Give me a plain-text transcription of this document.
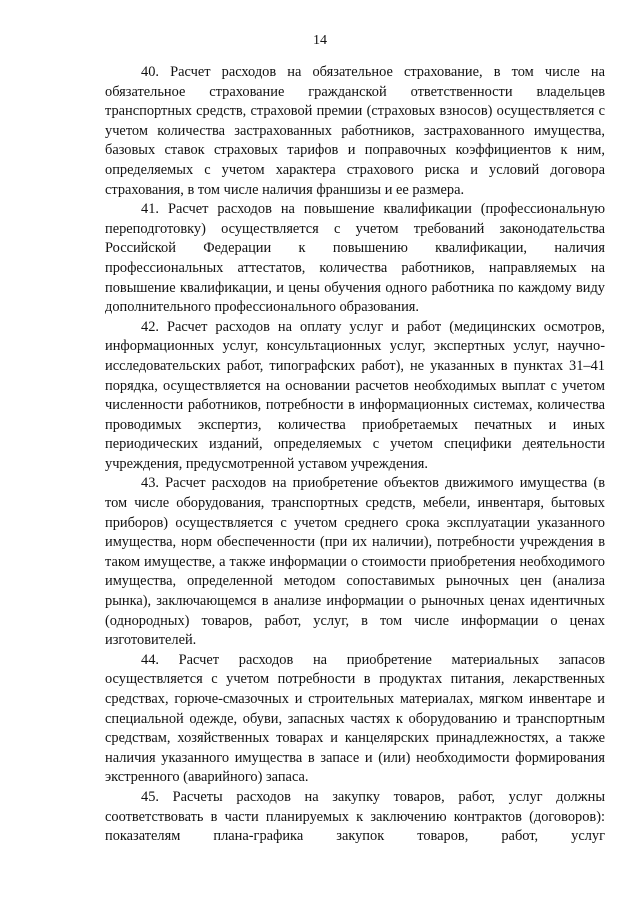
14

40. Расчет расходов на обязательное страхование, в том числе на обязательное страхование гражданской ответственности владельцев транспортных средств, страховой премии (страховых взносов) осуществляется с учетом количества застрахованных работников, застрахованного имущества, базовых ставок страховых тарифов и поправочных коэффициентов к ним, определяемых с учетом характера страхового риска и условий договора страхования, в том числе наличия франшизы и ее размера.

41. Расчет расходов на повышение квалификации (профессиональную переподготовку) осуществляется с учетом требований законодательства Российской Федерации к повышению квалификации, наличия профессиональных аттестатов, количества работников, направляемых на повышение квалификации, и цены обучения одного работника по каждому виду дополнительного профессионального образования.

42. Расчет расходов на оплату услуг и работ (медицинских осмотров, информационных услуг, консультационных услуг, экспертных услуг, научно-исследовательских работ, типографских работ), не указанных в пунктах 31–41 порядка, осуществляется на основании расчетов необходимых выплат с учетом численности работников, потребности в информационных системах, количества проводимых экспертиз, количества приобретаемых печатных и иных периодических изданий, определяемых с учетом специфики деятельности учреждения, предусмотренной уставом учреждения.

43. Расчет расходов на приобретение объектов движимого имущества (в том числе оборудования, транспортных средств, мебели, инвентаря, бытовых приборов) осуществляется с учетом среднего срока эксплуатации указанного имущества, норм обеспеченности (при их наличии), потребности учреждения в таком имуществе, а также информации о стоимости приобретения необходимого имущества, определенной методом сопоставимых рыночных цен (анализа рынка), заключающемся в анализе информации о рыночных ценах идентичных (однородных) товаров, работ, услуг, в том числе информации о ценах изготовителей.

44. Расчет расходов на приобретение материальных запасов осуществляется с учетом потребности в продуктах питания, лекарственных средствах, горюче-смазочных и строительных материалах, мягком инвентаре и специальной одежде, обуви, запасных частях к оборудованию и транспортным средствам, хозяйственных товарах и канцелярских принадлежностях, а также наличия указанного имущества в запасе и (или) необходимости формирования экстренного (аварийного) запаса.

45. Расчеты расходов на закупку товаров, работ, услуг должны соответствовать в части планируемых к заключению контрактов (договоров): показателям плана-графика закупок товаров, работ, услуг
